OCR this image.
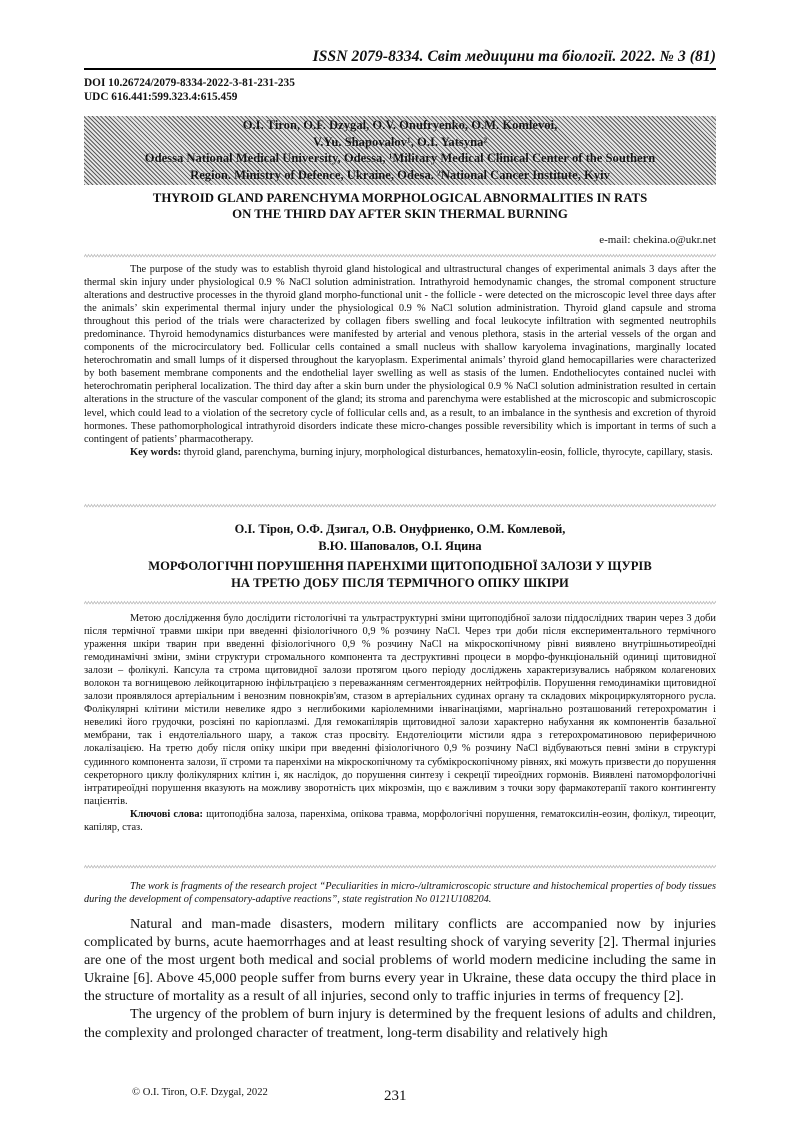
ISSN 2079-8334. Світ медицини та біології. 2022. № 3 (81)
DOI 10.26724/2079-8334-2022-3-81-231-235
UDC 616.441:599.323.4:615.459
O.I. Tiron, O.F. Dzygal, O.V. Onufryenko, O.M. Komlevoi,
V.Yu. Shapovalov¹, O.I. Yatsyna²
Odessa National Medical University, Odessa, ¹Military Medical Clinical Center of the Southern
Region. Ministry of Defence, Ukraine, Odesa. ²National Cancer Institute, Kyiv
THYROID GLAND PARENCHYMA MORPHOLOGICAL ABNORMALITIES IN RATS
ON THE THIRD DAY AFTER SKIN THERMAL BURNING
e-mail: chekina.o@ukr.net

The purpose of the study was to establish thyroid gland histological and ultrastructural changes of experimental animals 3 days after the thermal skin injury under physiological 0.9 % NaCl solution administration. Intrathyroid hemodynamic changes, the stromal component structure alterations and destructive processes in the thyroid gland morpho-functional unit - the follicle - were detected on the microscopic level three days after the animals’ skin experimental thermal injury under the physiological 0.9 % NaCl solution administration. Thyroid gland capsule and stroma throughout this period of the trials were characterized by collagen fibers swelling and focal leukocyte infiltration with segmented neutrophils predominance. Thyroid hemodynamics disturbances were manifested by arterial and venous plethora, stasis in the arterial vessels of the organ and components of the microcirculatory bed. Follicular cells contained a small nucleus with shallow karyolema invaginations, marginally located heterochromatin and small lumps of it dispersed throughout the karyoplasm. Experimental animals’ thyroid gland hemocapillaries were characterized by both basement membrane components and the endothelial layer swelling as well as stasis of the lumen. Endotheliocytes contained nuclei with heterochromatin peripheral localization. The third day after a skin burn under the physiological 0.9 % NaCl solution administration resulted in certain alterations in the structure of the vascular component of the gland; its stroma and parenchyma were established at the microscopic and submicroscopic level, which could lead to a violation of the secretory cycle of follicular cells and, as a result, to an imbalance in the synthesis and excretion of thyroid hormones. These pathomorphological intrathyroid disorders indicate these micro-changes possible reversibility which is important in terms of such a contingent of patients’ pharmacotherapy.

Key words: thyroid gland, parenchyma, burning injury, morphological disturbances, hematoxylin-eosin, follicle, thyrocyte, capillary, stasis.

О.І. Тірон, О.Ф. Дзигал, О.В. Онуфриенко, О.М. Комлевой,
В.Ю. Шаповалов, О.І. Яцина
МОРФОЛОГІЧНІ ПОРУШЕННЯ ПАРЕНХІМИ ЩИТОПОДІБНОЇ ЗАЛОЗИ У ЩУРІВ
НА ТРЕТЮ ДОБУ ПІСЛЯ ТЕРМІЧНОГО ОПІКУ ШКІРИ

Метою дослідження було дослідити гістологічні та ультраструктурні зміни щитоподібної залози піддослідних тварин через 3 доби після термічної травми шкіри при введенні фізіологічного 0,9 % розчину NaCl. Через три доби після експериментального термічного ураження шкіри тварин при введенні фізіологічного 0,9 % розчину NaCl на мікроскопічному рівні виявлено внутрішньотиреоїдні гемодинамічні зміни, зміни структури стромального компонента та деструктивні процеси в морфо-функціональній одиниці щитовидної залози – фолікулі. Капсула та строма щитовидної залози протягом цього періоду досліджень характеризувались набряком колагенових волокон та вогнищевою лейкоцитарною інфільтрацією з переважанням сегментоядерних нейтрофілів. Порушення гемодинаміки щитовидної залози проявлялося артеріальним і венозним повнокрів'ям, стазом в артеріальних судинах органу та складових мікроциркуляторного русла. Фолікулярні клітини містили невелике ядро з неглибокими каріолемними інвагінаціями, маргінально розташований гетерохроматин і невеликі його грудочки, розсіяні по каріоплазмі. Для гемокапілярів щитовидної залози характерно набухання як компонентів базальної мембрани, так і ендотеліального шару, а також стаз просвіту. Ендотеліоцити містили ядра з гетерохроматиновою периферичною локалізацією. На третю добу після опіку шкіри при введенні фізіологічного 0,9 % розчину NaCl відбуваються певні зміни в структурі судинного компонента залози, її строми та паренхіми на мікроскопічному та субмікроскопічному рівнях, які можуть призвести до порушення секреторного циклу фолікулярних клітин і, як наслідок, до порушення синтезу і секреції тиреоїдних гормонів. Виявлені патоморфологічні інтратиреоїдні порушення вказують на можливу зворотність цих мікрозмін, що є важливим з точки зору фармакотерапії такого контингенту пацієнтів.

Ключові слова: щитоподібна залоза, паренхіма, опікова травма, морфологічні порушення, гематоксилін-еозин, фолікул, тиреоцит, капіляр, стаз.

The work is fragments of the research project “Peculiarities in micro-/ultramicroscopic structure and histochemical properties of body tissues during the development of compensatory-adaptive reactions”, state registration No 0121U108204.

Natural and man-made disasters, modern military conflicts are accompanied now by injuries complicated by burns, acute haemorrhages and at least resulting shock of varying severity [2]. Thermal injuries are one of the most urgent both medical and social problems of world modern medicine including the same in Ukraine [6]. Above 45,000 people suffer from burns every year in Ukraine, these data occupy the third place in the structure of mortality as a result of all injuries, second only to traffic injuries in terms of frequency [2].

The urgency of the problem of burn injury is determined by the frequent lesions of adults and children, the complexity and prolonged character of treatment, long-term disability and relatively high

© O.I. Tiron, O.F. Dzygal, 2022	231
